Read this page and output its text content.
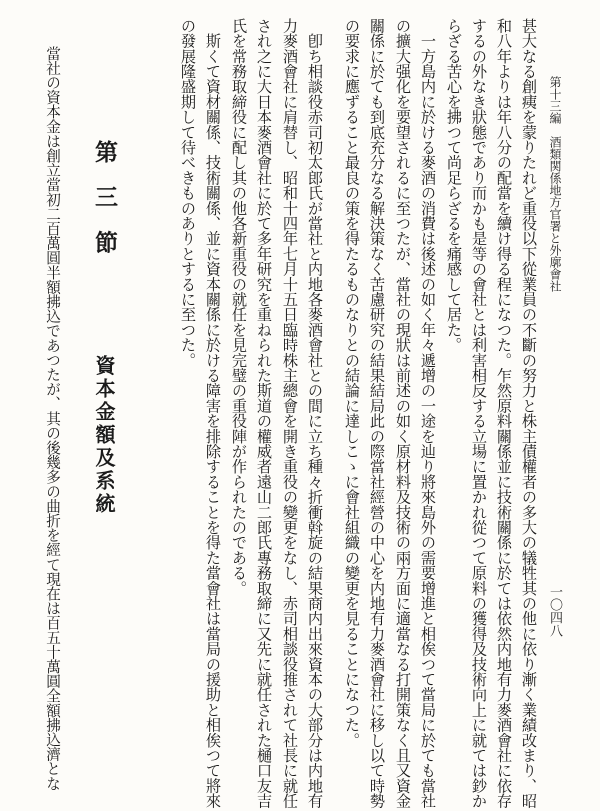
一〇四八
第十三編　酒類関係地方官署と外廓會社
甚大なる創痍を蒙りたれど重役以下從業員の不斷の努力と株主債權者の多大の犠牲其の他に依り漸く業績改まり、昭
和八年よりは年八分の配當を續け得る程になつた。乍然原料關係並に技術關係に於ては依然内地有力麥酒會社に依存
するの外なき狀態であり而かも是等の會社とは利害相反する立場に置かれ從つて原料の獲得及技術向上に就ては鈔か
らざる苦心を拂つて尚足らざるを痛感して居た。
　一方島内に於ける麥酒の消費は後述の如く年々遞增の一途を辿り將來島外の需要增進と相俟つて當局に於ても當社
の擴大强化を要望されるに至つたが、當社の現狀は前述の如く原材料及技術の兩方面に適當なる打開策なく且又資金
關係に於ても到底充分なる解決策なく苦慮研究の結果結局此の際當社經營の中心を内地有力麥酒會社に移し以て時勢
の要求に應ずること最良の策を得たるものなりとの結論に達しこゝに會社組織の變更を見ることになつた。
　卽ち相談役赤司初太郎氏が當社と内地各麥酒會社との間に立ち種々折衝斡旋の結果商内出來資本の大部分は内地有
力麥酒會社に肩替し、昭和十四年七月十五日臨時株主總會を開き重役の變更をなし、赤司相談役推されて社長に就任
され之に大日本麥酒會社に於て多年研究を重ねられた斯道の權威者遠山二郎氏專務取締に又先に就任された樋口友吉
氏を常務取締役に配し其の他各新重役の就任を見完璧の重役陣が作られたのである。
　斯くて資材關係、技術關係、並に資本關係に於ける障害を排除することを得た當會社は當局の援助と相俟つて將來
の發展隆盛期して待べきものありとするに至つた。
第 三 節
資本金額及系統
當社の資本金は創立當初二百萬圓半額拂込であつたが、其の後幾多の曲折を經て現在は百五十萬圓全額拂込濟とな
